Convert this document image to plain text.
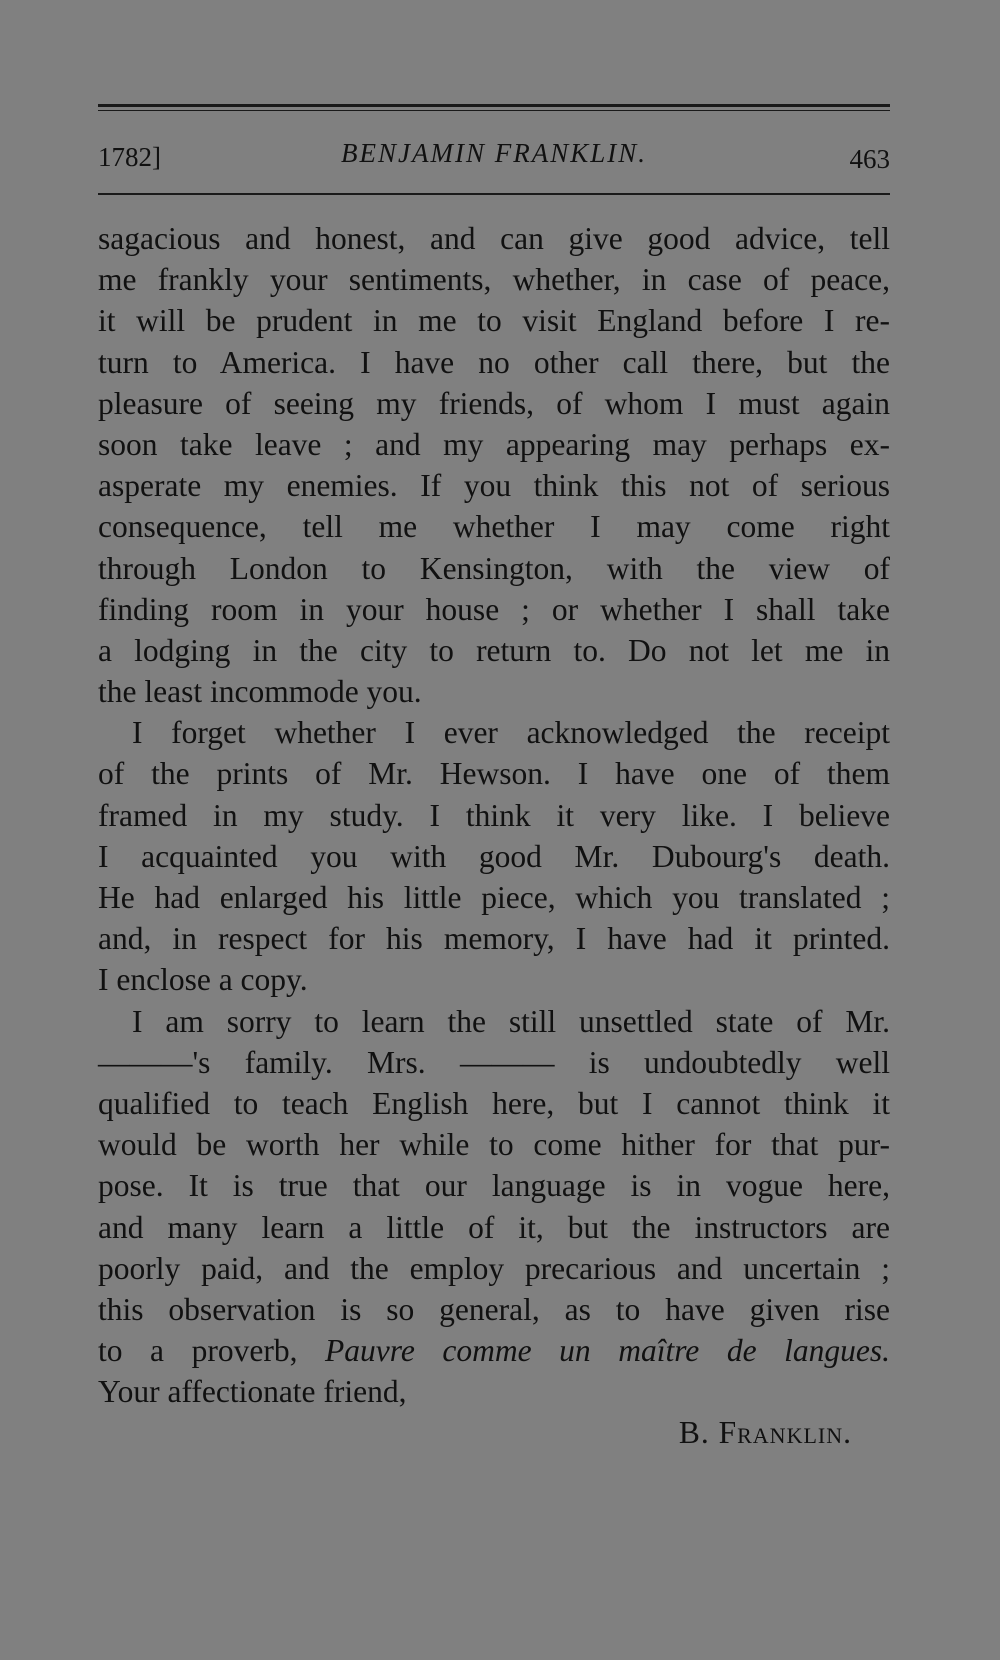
1782]	BENJAMIN FRANKLIN.	463
sagacious and honest, and can give good advice, tell
me frankly your sentiments, whether, in case of peace,
it will be prudent in me to visit England before I re-
turn to America. I have no other call there, but the
pleasure of seeing my friends, of whom I must again
soon take leave ; and my appearing may perhaps ex-
asperate my enemies. If you think this not of serious
consequence, tell me whether I may come right
through London to Kensington, with the view of
finding room in your house ; or whether I shall take
a lodging in the city to return to. Do not let me in
the least incommode you.
I forget whether I ever acknowledged the receipt
of the prints of Mr. Hewson. I have one of them
framed in my study. I think it very like. I believe
I acquainted you with good Mr. Dubourg's death.
He had enlarged his little piece, which you translated ;
and, in respect for his memory, I have had it printed.
I enclose a copy.
I am sorry to learn the still unsettled state of Mr.
———'s family. Mrs. ——— is undoubtedly well
qualified to teach English here, but I cannot think it
would be worth her while to come hither for that pur-
pose. It is true that our language is in vogue here,
and many learn a little of it, but the instructors are
poorly paid, and the employ precarious and uncertain ;
this observation is so general, as to have given rise
to a proverb, Pauvre comme un maître de langues.
Your affectionate friend,
B. Franklin.
